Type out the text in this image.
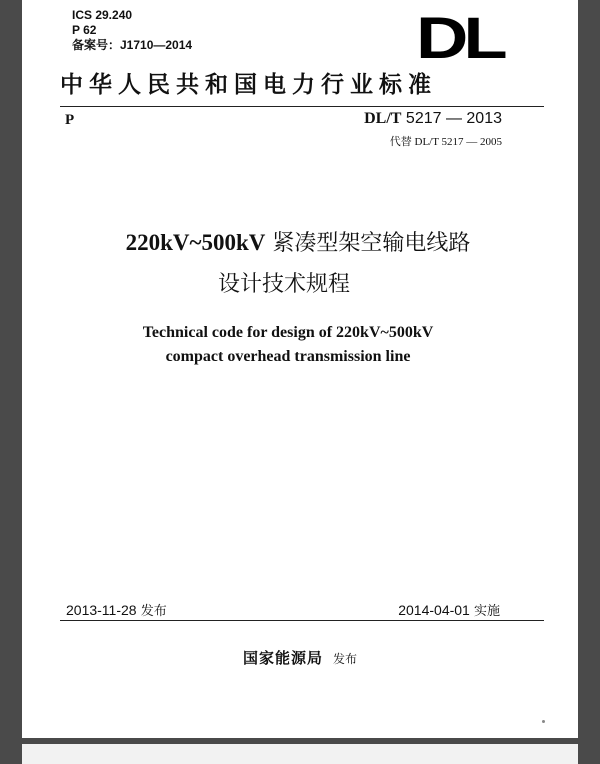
ICS 29.240
P 62
备案号：J1710—2014	DL
中华人民共和国电力行业标准
P	DL/T 5217 — 2013
代替 DL/T 5217 — 2005
220kV~500kV 紧凑型架空输电线路
设计技术规程
Technical code for design of 220kV~500kV
compact overhead transmission line
2013-11-28 发布	2014-04-01 实施
国家能源局 发布
